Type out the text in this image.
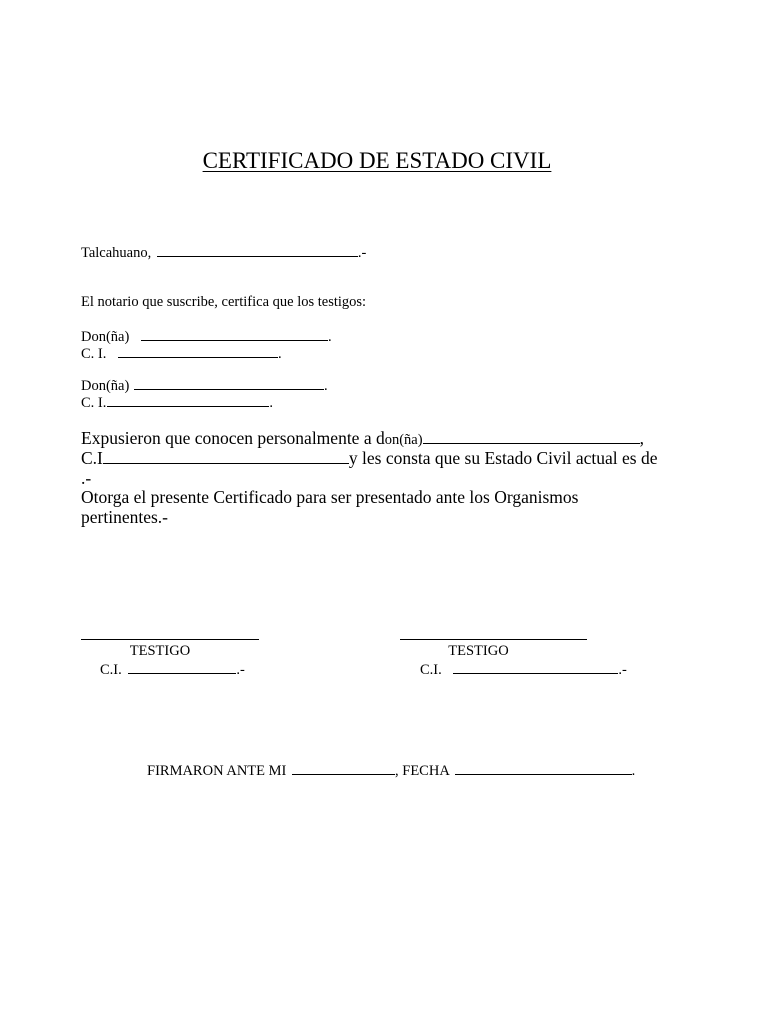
CERTIFICADO DE ESTADO CIVIL
Talcahuano,	.-
El notario que suscribe, certifica que los testigos:
Don(ña)	.
C. I.	.
Don(ña)	.
C. I.	.
Expusieron que conocen personalmente a don(ña)	,
C.I	y les consta que su Estado Civil actual es de
.-
Otorga el presente Certificado para ser presentado ante los Organismos
pertinentes.-
TESTIGO
C.I.	.-
TESTIGO
C.I.	.-
FIRMARON ANTE MI	, FECHA	.
